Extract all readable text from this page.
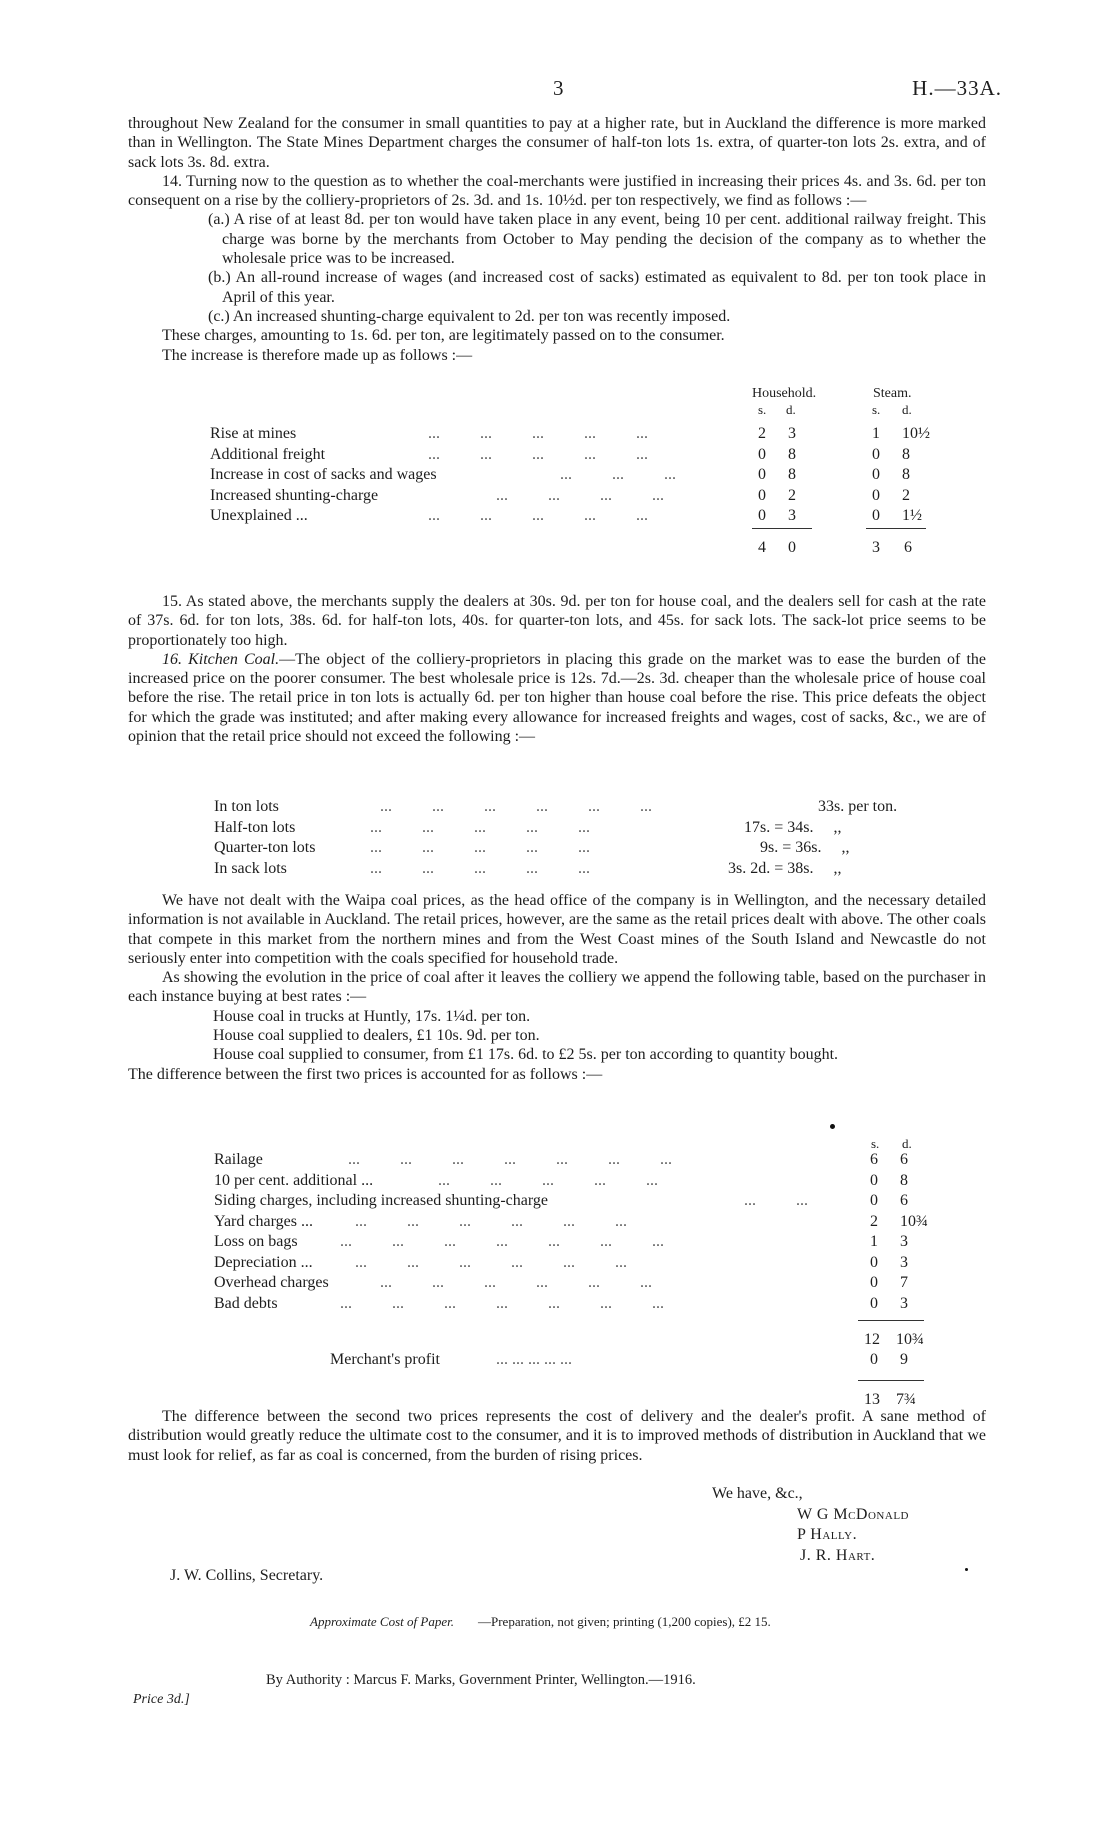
3	H.—33A.

throughout New Zealand for the consumer in small quantities to pay at a higher rate, but in Auckland the difference is more marked than in Wellington. The State Mines Department charges the consumer of half-ton lots 1s. extra, of quarter-ton lots 2s. extra, and of sack lots 3s. 8d. extra.

14. Turning now to the question as to whether the coal-merchants were justified in increasing their prices 4s. and 3s. 6d. per ton consequent on a rise by the colliery-proprietors of 2s. 3d. and 1s. 10½d. per ton respectively, we find as follows :—

(a.) A rise of at least 8d. per ton would have taken place in any event, being 10 per cent. additional railway freight. This charge was borne by the merchants from October to May pending the decision of the company as to whether the wholesale price was to be increased.

(b.) An all-round increase of wages (and increased cost of sacks) estimated as equivalent to 8d. per ton took place in April of this year.

(c.) An increased shunting-charge equivalent to 2d. per ton was recently imposed.

These charges, amounting to 1s. 6d. per ton, are legitimately passed on to the consumer.

The increase is therefore made up as follows :—

Household.	Steam.
s. d.	s. d.
Rise at mines	...          ...          ...          ...          ...	2 3	1 10½
Additional freight	...          ...          ...          ...          ...	0 8	0 8
Increase in cost of sacks and wages	...          ...          ...	0 8	0 8
Increased shunting-charge	...          ...          ...          ...	0 2	0 2
Unexplained ...	...          ...          ...          ...          ...	0 3	0 1½
4 0	3 6

15. As stated above, the merchants supply the dealers at 30s. 9d. per ton for house coal, and the dealers sell for cash at the rate of 37s. 6d. for ton lots, 38s. 6d. for half-ton lots, 40s. for quarter-ton lots, and 45s. for sack lots. The sack-lot price seems to be proportionately too high.

16. Kitchen Coal.—The object of the colliery-proprietors in placing this grade on the market was to ease the burden of the increased price on the poorer consumer. The best wholesale price is 12s. 7d.—2s. 3d. cheaper than the wholesale price of house coal before the rise. The retail price in ton lots is actually 6d. per ton higher than house coal before the rise. This price defeats the object for which the grade was instituted; and after making every allowance for increased freights and wages, cost of sacks, &c., we are of opinion that the retail price should not exceed the following :—

In ton lots	...          ...          ...          ...          ...          ...	33s. per ton.
Half-ton lots	...          ...          ...          ...          ...	17s. = 34s.     ,,
Quarter-ton lots	...          ...          ...          ...          ...	9s. = 36s.     ,,
In sack lots	...          ...          ...          ...          ...	3s. 2d. = 38s.     ,,

We have not dealt with the Waipa coal prices, as the head office of the company is in Wellington, and the necessary detailed information is not available in Auckland. The retail prices, however, are the same as the retail prices dealt with above. The other coals that compete in this market from the northern mines and from the West Coast mines of the South Island and Newcastle do not seriously enter into competition with the coals specified for household trade.

As showing the evolution in the price of coal after it leaves the colliery we append the following table, based on the purchaser in each instance buying at best rates :—

House coal in trucks at Huntly, 17s. 1¼d. per ton.

House coal supplied to dealers, £1 10s. 9d. per ton.

House coal supplied to consumer, from £1 17s. 6d. to £2 5s. per ton according to quantity bought.

The difference between the first two prices is accounted for as follows :—

s. d.
Railage	...          ...          ...          ...          ...          ...          ...	6 6
10 per cent. additional ...	...          ...          ...          ...          ...	0 8
Siding charges, including increased shunting-charge	...          ...	0 6
Yard charges ...	...          ...          ...          ...          ...          ...	2 10¾
Loss on bags	...          ...          ...          ...          ...          ...          ...	1 3
Depreciation ...	...          ...          ...          ...          ...          ...	0 3
Overhead charges	...          ...          ...          ...          ...          ...	0 7
Bad debts	...          ...          ...          ...          ...          ...          ...	0 3
12 10¾
Merchant's profit	... ... ... ... ...	0 9
13 7¾

The difference between the second two prices represents the cost of delivery and the dealer's profit. A sane method of distribution would greatly reduce the ultimate cost to the consumer, and it is to improved methods of distribution in Auckland that we must look for relief, as far as coal is concerned, from the burden of rising prices.

We have, &c.,
W G McDonald
P Hally.
J. R. Hart.
J. W. Collins, Secretary.
Approximate Cost of Paper. —Preparation, not given; printing (1,200 copies), £2 15.
By Authority : Marcus F. Marks, Government Printer, Wellington.—1916.
Price 3d.]
